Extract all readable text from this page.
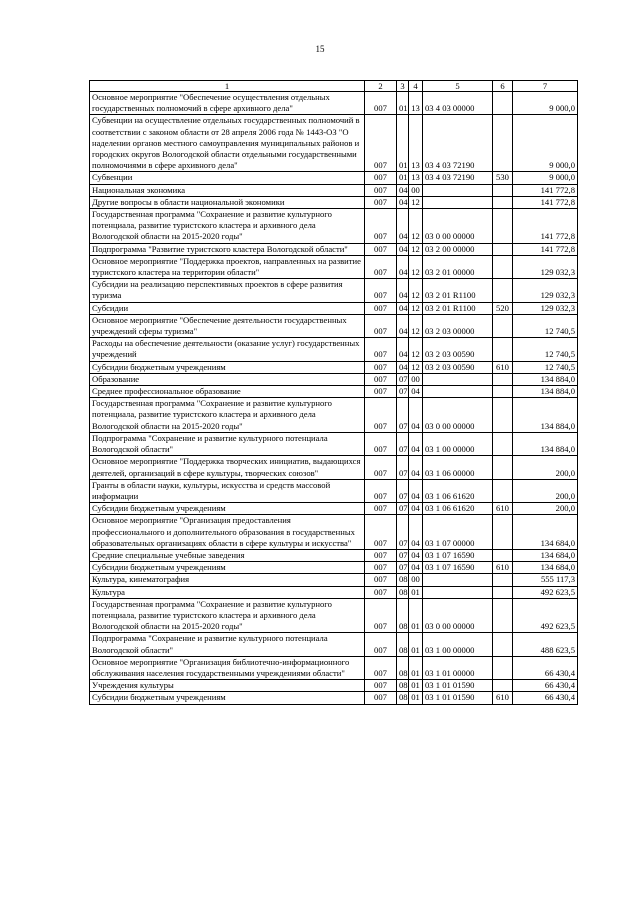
15
1	2	3	4	5	6	7
Основное мероприятие "Обеспечение осуществления отдельных государственных полномочий в сфере архивного дела"	007	01	13	03 4 03 00000		9 000,0
Субвенции на осуществление отдельных государственных полномочий в соответствии с законом области от 28 апреля 2006 года № 1443-ОЗ "О наделении органов местного самоуправления муниципальных районов и городских округов Вологодской области отдельными государственными полномочиями в сфере архивного дела"	007	01	13	03 4 03 72190		9 000,0
Субвенции	007	01	13	03 4 03 72190	530	9 000,0
Национальная экономика	007	04	00			141 772,8
Другие вопросы в области национальной экономики	007	04	12			141 772,8
Государственная программа "Сохранение и развитие культурного потенциала, развитие туристского кластера и архивного дела Вологодской области на 2015-2020 годы"	007	04	12	03 0 00 00000		141 772,8
Подпрограмма "Развитие туристского кластера Вологодской области"	007	04	12	03 2 00 00000		141 772,8
Основное мероприятие "Поддержка проектов, направленных на развитие туристского кластера на территории области"	007	04	12	03 2 01 00000		129 032,3
Субсидии на реализацию перспективных проектов в сфере развития туризма	007	04	12	03 2 01 R1100		129 032,3
Субсидии	007	04	12	03 2 01 R1100	520	129 032,3
Основное мероприятие "Обеспечение деятельности государственных учреждений сферы туризма"	007	04	12	03 2 03 00000		12 740,5
Расходы на обеспечение деятельности (оказание услуг) государственных учреждений	007	04	12	03 2 03 00590		12 740,5
Субсидии бюджетным учреждениям	007	04	12	03 2 03 00590	610	12 740,5
Образование	007	07	00			134 884,0
Среднее профессиональное образование	007	07	04			134 884,0
Государственная программа "Сохранение и развитие культурного потенциала, развитие туристского кластера и архивного дела Вологодской области на 2015-2020 годы"	007	07	04	03 0 00 00000		134 884,0
Подпрограмма "Сохранение и развитие культурного потенциала Вологодской области"	007	07	04	03 1 00 00000		134 884,0
Основное мероприятие "Поддержка творческих инициатив, выдающихся деятелей, организаций в сфере культуры, творческих союзов"	007	07	04	03 1 06 00000		200,0
Гранты в области науки, культуры, искусства и средств массовой информации	007	07	04	03 1 06 61620		200,0
Субсидии бюджетным учреждениям	007	07	04	03 1 06 61620	610	200,0
Основное мероприятие "Организация предоставления профессионального и дополнительного образования в государственных образовательных организациях области в сфере культуры и искусства"	007	07	04	03 1 07 00000		134 684,0
Средние специальные учебные заведения	007	07	04	03 1 07 16590		134 684,0
Субсидии бюджетным учреждениям	007	07	04	03 1 07 16590	610	134 684,0
Культура, кинематография	007	08	00			555 117,3
Культура	007	08	01			492 623,5
Государственная программа "Сохранение и развитие культурного потенциала, развитие туристского кластера и архивного дела Вологодской области на 2015-2020 годы"	007	08	01	03 0 00 00000		492 623,5
Подпрограмма "Сохранение и развитие культурного потенциала Вологодской области"	007	08	01	03 1 00 00000		488 623,5
Основное мероприятие "Организация библиотечно-информационного обслуживания населения государственными учреждениями области"	007	08	01	03 1 01 00000		66 430,4
Учреждения культуры	007	08	01	03 1 01 01590		66 430,4
Субсидии бюджетным учреждениям	007	08	01	03 1 01 01590	610	66 430,4
